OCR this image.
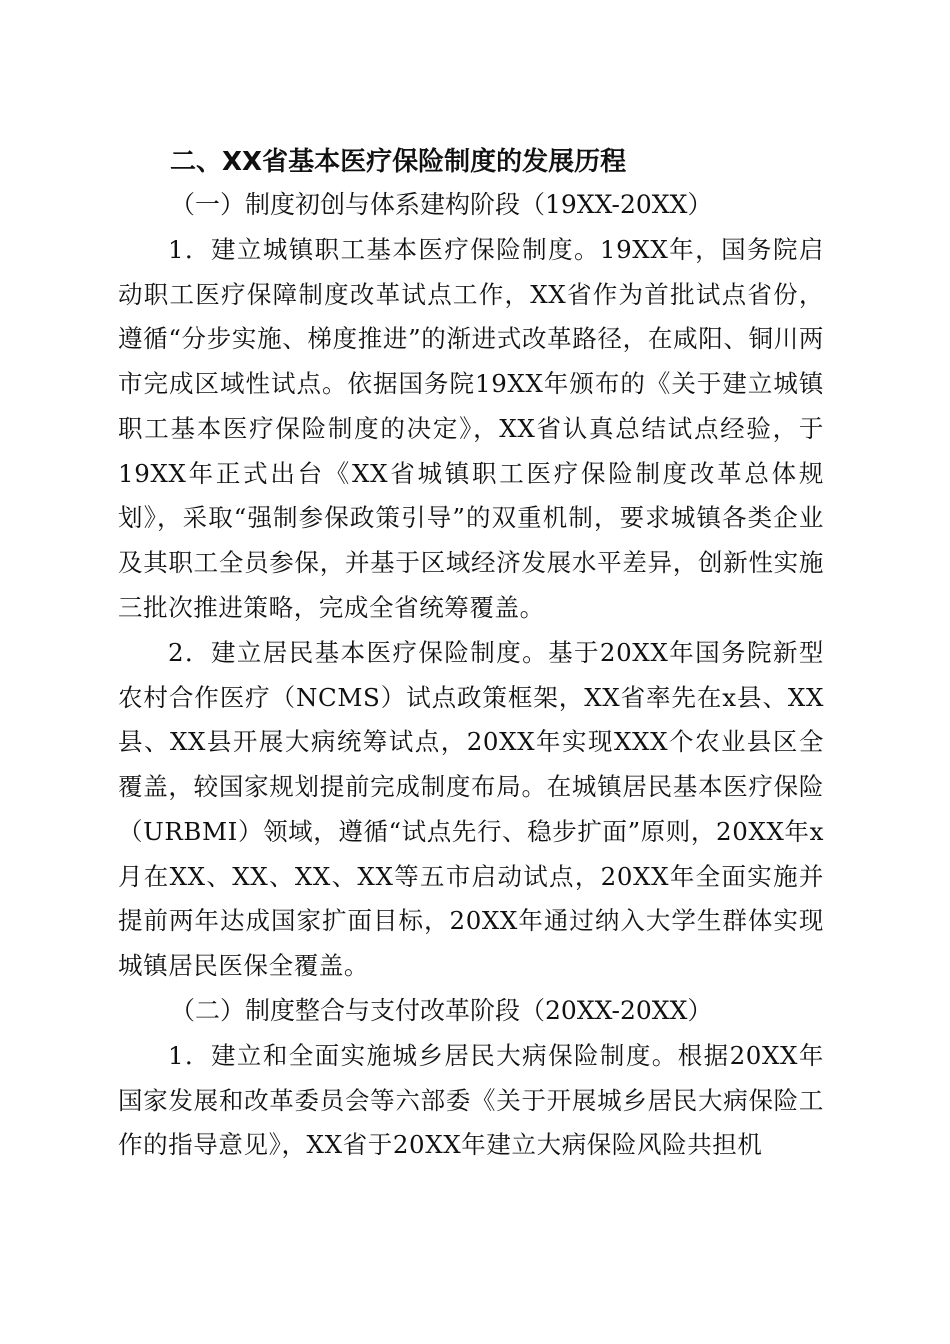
二、XX省基本医疗保险制度的发展历程
（一）制度初创与体系建构阶段（19XX-20XX）

1．建立城镇职工基本医疗保险制度。19XX年，国务院启动职工医疗保障制度改革试点工作，XX省作为首批试点省份，遵循“分步实施、梯度推进”的渐进式改革路径，在咸阳、铜川两市完成区域性试点。依据国务院19XX年颁布的《关于建立城镇职工基本医疗保险制度的决定》，XX省认真总结试点经验，于19XX年正式出台《XX省城镇职工医疗保险制度改革总体规划》，采取“强制参保政策引导”的双重机制，要求城镇各类企业及其职工全员参保，并基于区域经济发展水平差异，创新性实施三批次推进策略，完成全省统筹覆盖。

2．建立居民基本医疗保险制度。基于20XX年国务院新型农村合作医疗（NCMS）试点政策框架，XX省率先在x县、XX县、XX县开展大病统筹试点，20XX年实现XXX个农业县区全覆盖，较国家规划提前完成制度布局。在城镇居民基本医疗保险（URBMI）领域，遵循“试点先行、稳步扩面”原则，20XX年x月在XX、XX、XX、XX等五市启动试点，20XX年全面实施并提前两年达成国家扩面目标，20XX年通过纳入大学生群体实现城镇居民医保全覆盖。

（二）制度整合与支付改革阶段（20XX-20XX）

1．建立和全面实施城乡居民大病保险制度。根据20XX年国家发展和改革委员会等六部委《关于开展城乡居民大病保险工作的指导意见》，XX省于20XX年建立大病保险风险共担机
